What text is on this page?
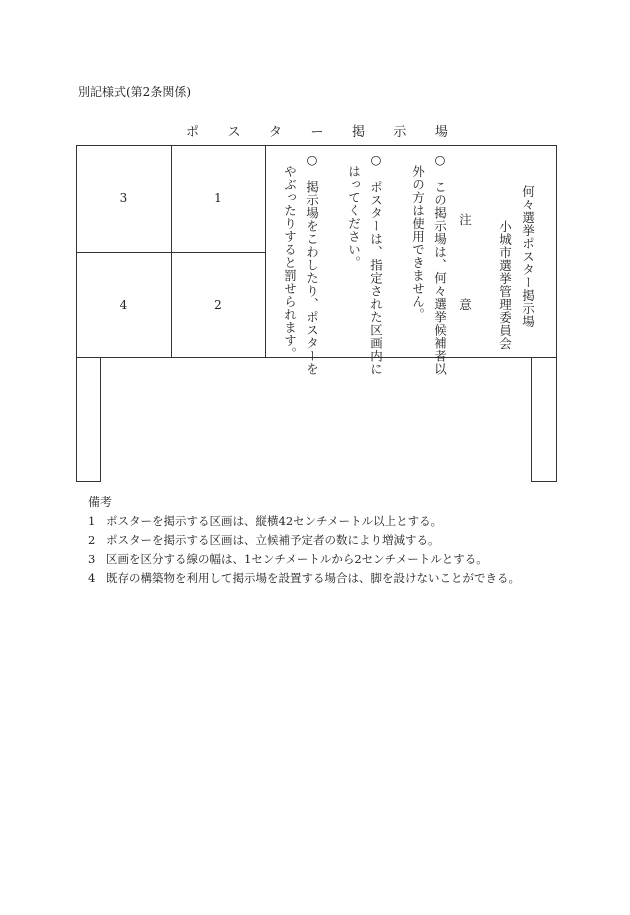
別記様式(第2条関係)
ポ ス タ ー 掲 示 場
3	1
4	2	何々選挙ポスター掲示場
小城市選挙管理委員会
注　意
○　この掲示場は、何々選挙候補者以
外の方は使用できません。
○　ポスターは、指定された区画内に
はってください。
○　掲示場をこわしたり、ポスターを
やぶったりすると罰せられます。
備考
1 ポスターを掲示する区画は、縦横42センチメートル以上とする。
2 ポスターを掲示する区画は、立候補予定者の数により増減する。
3 区画を区分する線の幅は、1センチメートルから2センチメートルとする。
4 既存の構築物を利用して掲示場を設置する場合は、脚を設けないことができる。
